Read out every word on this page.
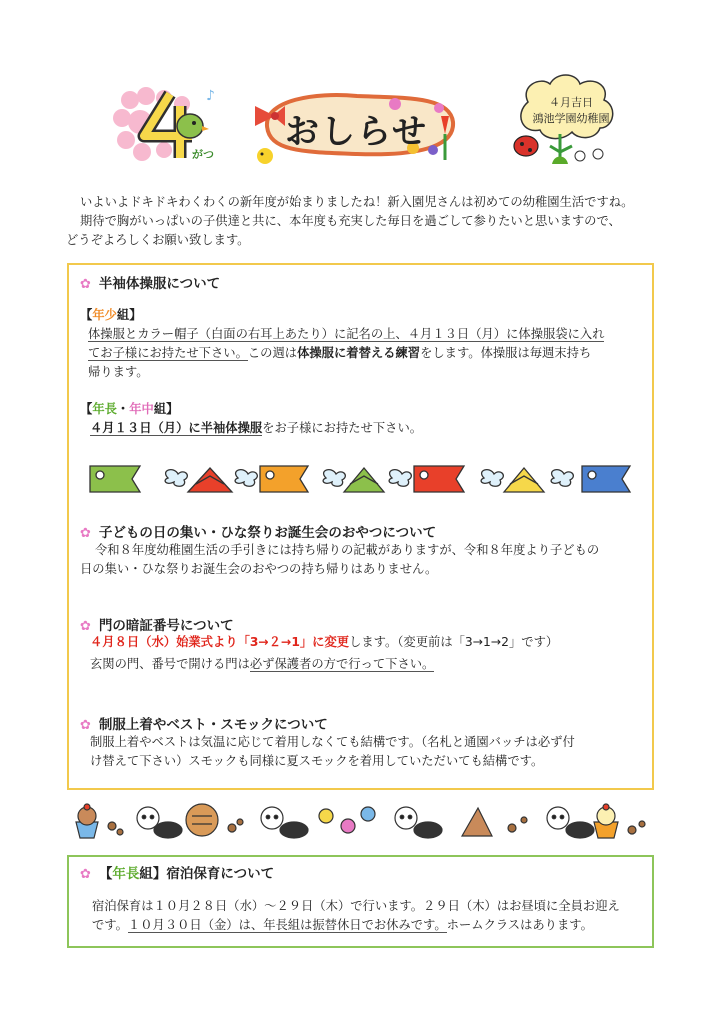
♪
がつ
おしらせ
４月吉日
鴻池学園幼稚園

いよいよドキドキわくわくの新年度が始まりましたね！新入園児さんは初めての幼稚園生活ですね。

期待で胸がいっぱいの子供達と共に、本年度も充実した毎日を過ごして参りたいと思いますので、

どうぞよろしくお願い致します。

✿ 半袖体操服について
【年少組】

体操服とカラー帽子（白面の右耳上あたり）に記名の上、４月１３日（月）に体操服袋に入れ

てお子様にお持たせ下さい。この週は体操服に着替える練習をします。体操服は毎週末持ち

帰ります。

【年長・年中組】

４月１３日（月）に半袖体操服をお子様にお持たせ下さい。

✿ 子どもの日の集い・ひな祭りお誕生会のおやつについて

令和８年度幼稚園生活の手引きには持ち帰りの記載がありますが、令和８年度より子どもの

日の集い・ひな祭りお誕生会のおやつの持ち帰りはありません。

✿ 門の暗証番号について

４月８日（水）始業式より「3→２→1」に変更します。（変更前は「3→1→2」です）

玄関の門、番号で開ける門は必ず保護者の方で行って下さい。

✿ 制服上着やベスト・スモックについて

制服上着やベストは気温に応じて着用しなくても結構です。（名札と通園バッチは必ず付

け替えて下さい）スモックも同様に夏スモックを着用していただいても結構です。

✿ 【年長組】宿泊保育について

宿泊保育は１０月２８日（水）～２９日（木）で行います。２９日（木）はお昼頃に全員お迎え

です。１０月３０日（金）は、年長組は振替休日でお休みです。ホームクラスはあります。
